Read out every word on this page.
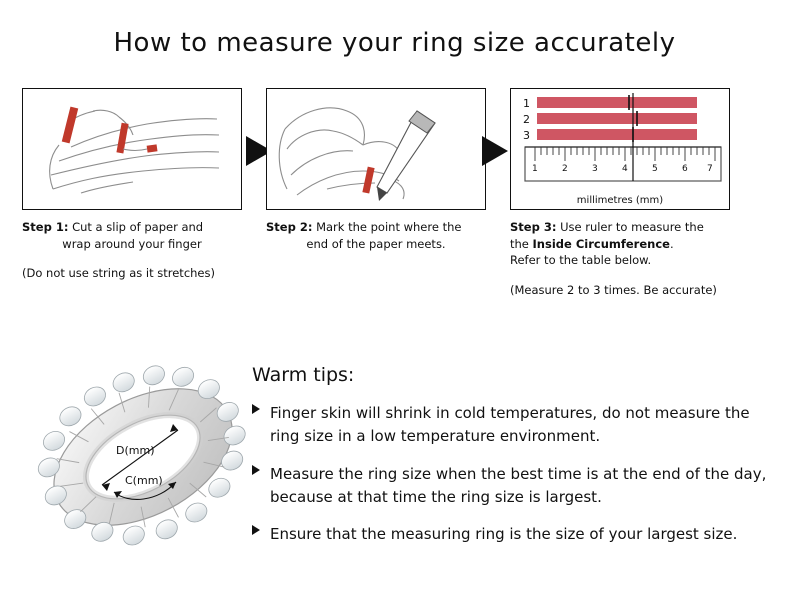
How to measure your ring size accurately
Step 1: Cut a slip of paper and

wrap around your finger
(Do not use string as it stretches)
Step 2: Mark the point where the

end of the paper meets.
1
2
3
1	2	3	4	5	6 7
millimetres (mm)
Step 3: Use ruler to measure the
the Inside Circumference.
Refer to the table below.
(Measure 2 to 3 times. Be accurate)
D(mm)
C(mm)
Warm tips:
Finger skin will shrink in cold temperatures, do not measure the ring size in a low temperature environment.
Measure the ring size when the best time is at the end of the day, because at that time the ring size is largest.
Ensure that the measuring ring is the size of your largest size.
